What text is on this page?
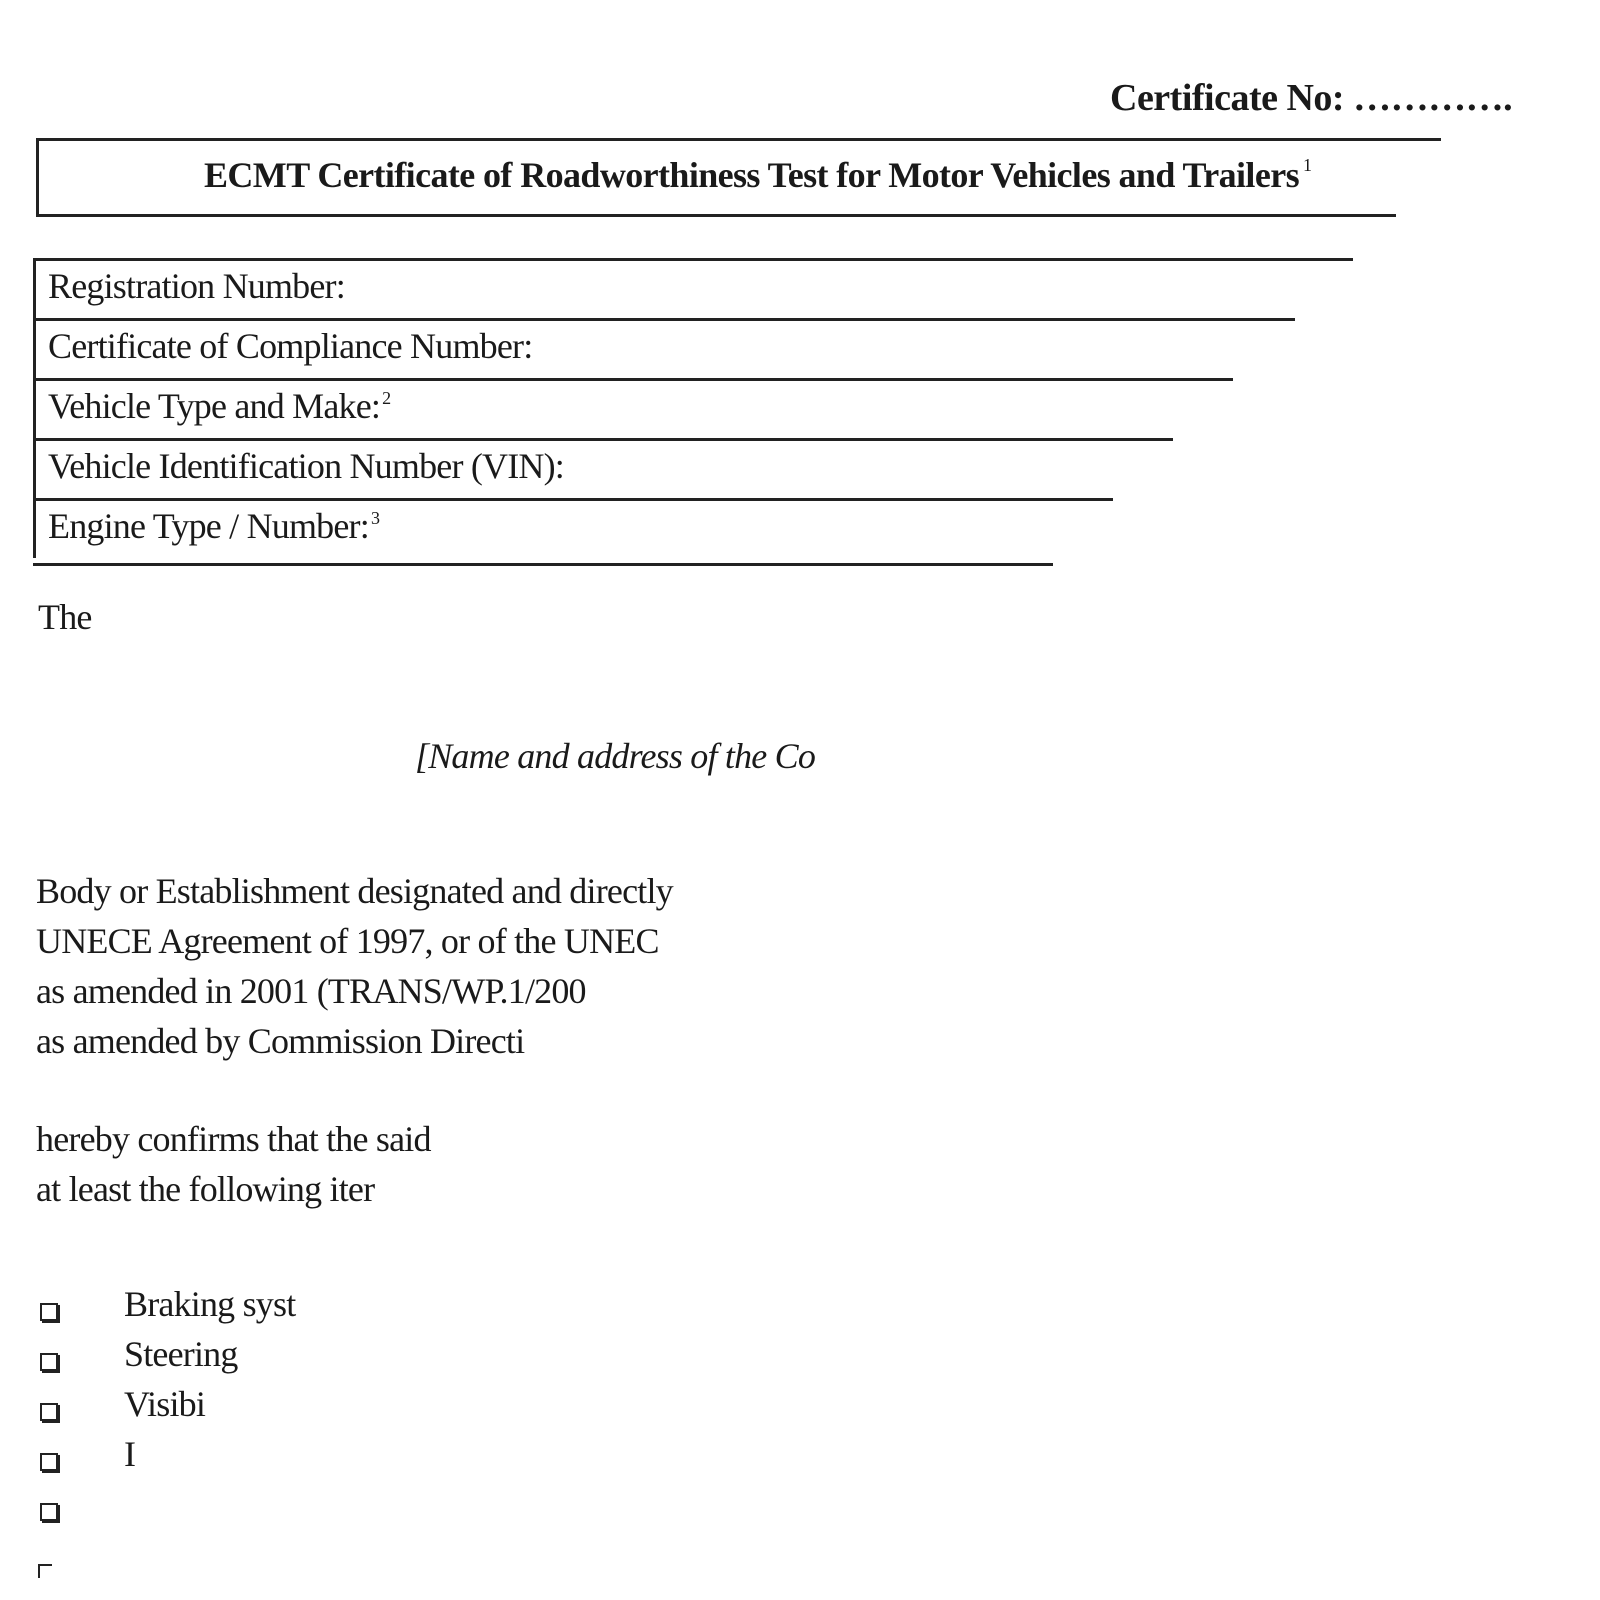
Certificate No: ………….
ECMT Certificate of Roadworthiness Test for Motor Vehicles and Trailers $^1$
Registration Number:
Certificate of Compliance Number:
Vehicle Type and Make: $^2$
Vehicle Identification Number (VIN):
Engine Type / Number: $^3$
The
[Name and address of the Co
Body or Establishment designated and directly
UNECE Agreement of 1997, or of the UNEC
as amended in 2001 (TRANS/WP.1/200
as amended by Commission Directi
hereby confirms that the said
at least the following iter
Braking syst
Steering
Visibi
I
